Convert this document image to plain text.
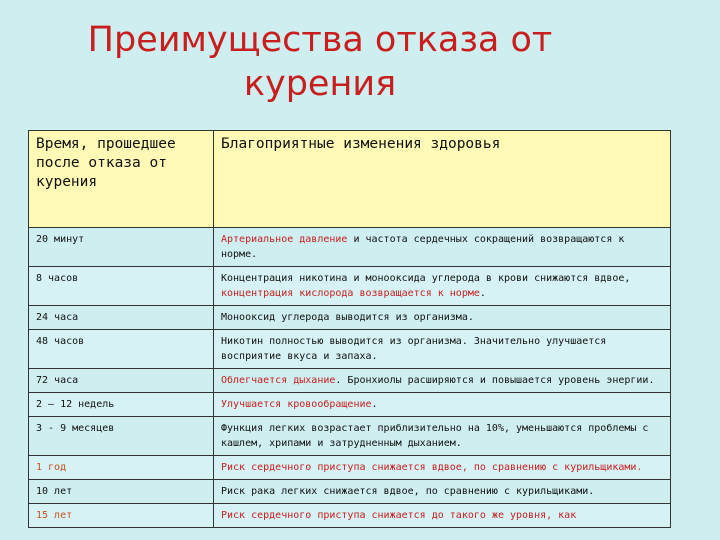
Преимущества отказа от
курения
Время, прошедшее после отказа от курения	Благоприятные изменения здоровья
20 минут	Артериальное давление и частота сердечных сокращений возвращаются к норме.
8 часов	Концентрация никотина и монооксида углерода в крови снижаются вдвое, концентрация кислорода возвращается к норме.
24 часа	Монооксид углерода выводится из организма.
48 часов	Никотин полностью выводится из организма. Значительно улучшается восприятие вкуса и запаха.
72 часа	Облегчается дыхание. Бронхиолы расширяются и повышается уровень энергии.
2 – 12 недель	Улучшается кровообращение.
3 - 9 месяцев	Функция легких возрастает приблизительно на 10%, уменьшаются проблемы с кашлем, хрипами и затрудненным дыханием.
1 год	Риск сердечного приступа снижается вдвое, по сравнению с курильщиками.
10 лет	Риск рака легких снижается вдвое, по сравнению с курильщиками.
15 лет	Риск сердечного приступа снижается до такого же уровня, как
